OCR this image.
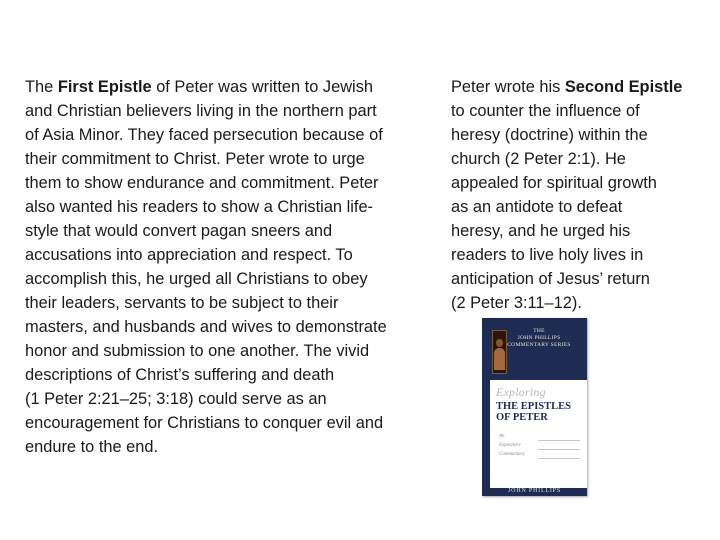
The First Epistle of Peter was written to Jewish
and Christian believers living in the northern part
of Asia Minor. They faced persecution because of
their commitment to Christ. Peter wrote to urge
them to show endurance and commitment. Peter
also wanted his readers to show a Christian life-
style that would convert pagan sneers and
accusations into appreciation and respect. To
accomplish this, he urged all Christians to obey
their leaders, servants to be subject to their
masters, and husbands and wives to demonstrate
honor and submission to one another. The vivid
descriptions of Christ’s suffering and death
(1 Peter 2:21–25; 3:18) could serve as an
encouragement for Christians to conquer evil and
endure to the end.
Peter wrote his Second Epistle
to counter the influence of
heresy (doctrine) within the
church (2 Peter 2:1). He
appealed for spiritual growth
as an antidote to defeat
heresy, and he urged his
readers to live holy lives in
anticipation of Jesus’ return
(2 Peter 3:11–12).
THE
JOHN PHILLIPS
COMMENTARY SERIES
Exploring
THE EPISTLES OF PETER
An
Expository
Commentary
JOHN PHILLIPS
